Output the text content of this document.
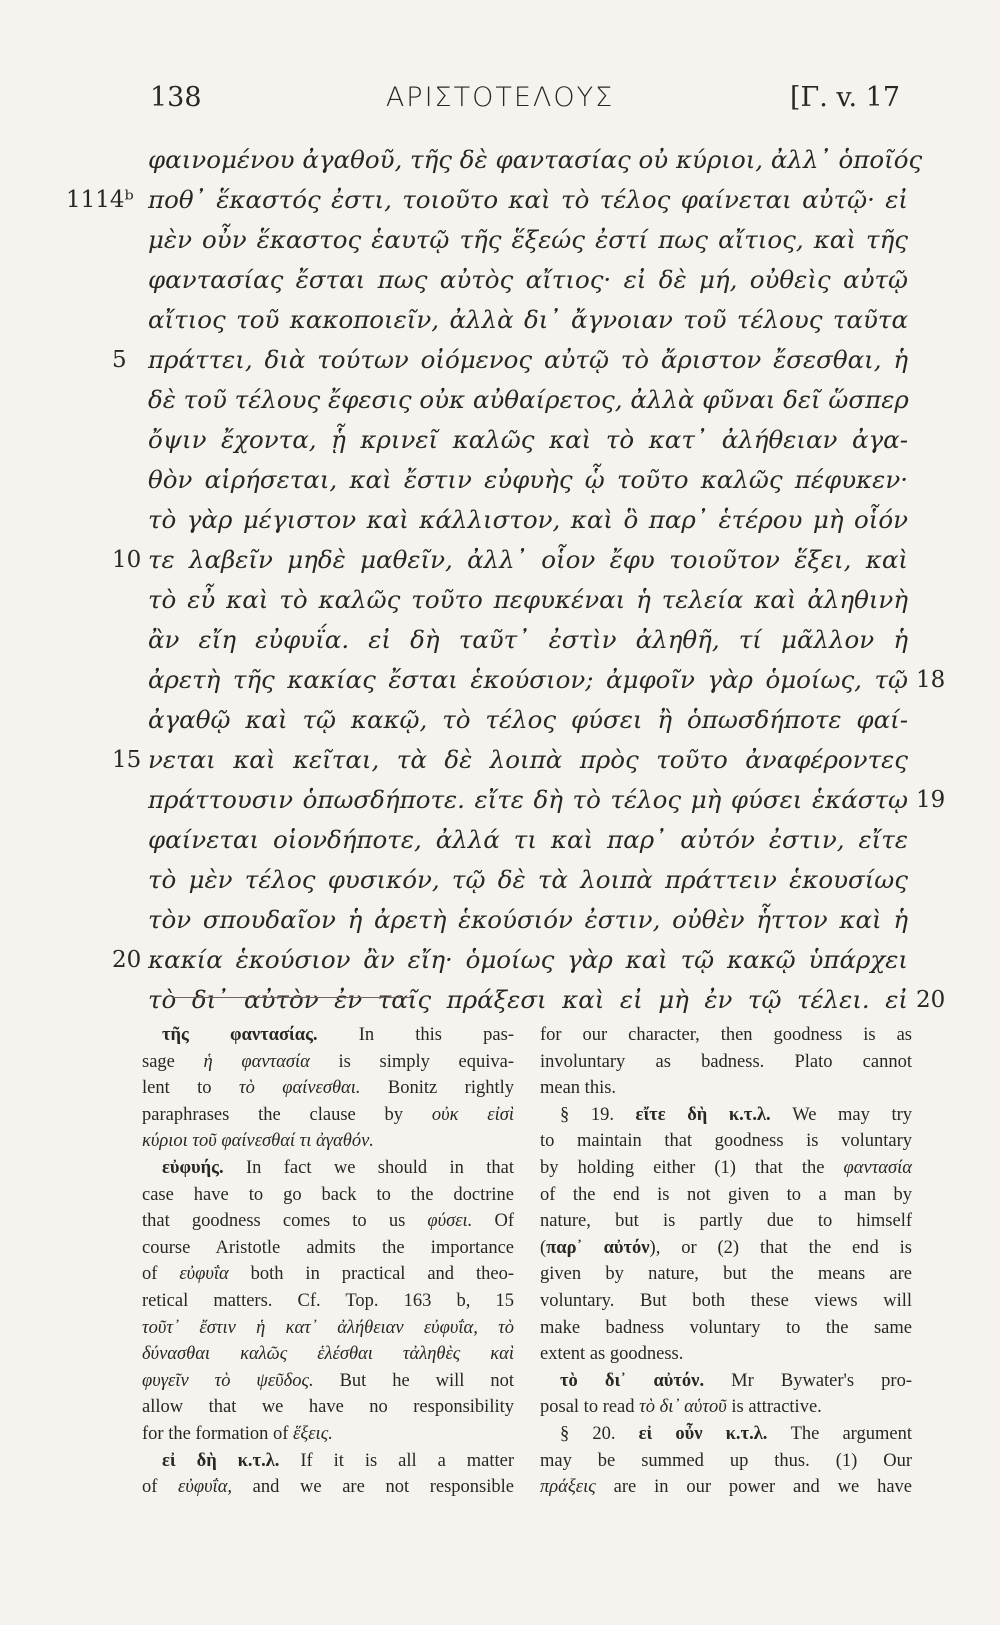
138	ΑΡΙΣΤΟΤΕΛΟΥΣ	[Γ. v. 17
φαινομένου ἀγαθοῦ, τῆς δὲ φαντασίας οὐ κύριοι, ἀλλ᾽ ὁποῖός
1114ᵇ ποθ᾽ ἕκαστός ἐστι, τοιοῦτο καὶ τὸ τέλος φαίνεται αὐτῷ· εἰ
μὲν οὖν ἕκαστος ἑαυτῷ τῆς ἕξεώς ἐστί πως αἴτιος, καὶ τῆς
φαντασίας ἔσται πως αὐτὸς αἴτιος· εἰ δὲ μή, οὐθεὶς αὐτῷ
αἴτιος τοῦ κακοποιεῖν, ἀλλὰ δι᾽ ἄγνοιαν τοῦ τέλους ταῦτα
5 πράττει, διὰ τούτων οἰόμενος αὐτῷ τὸ ἄριστον ἔσεσθαι, ἡ
δὲ τοῦ τέλους ἔφεσις οὐκ αὐθαίρετος, ἀλλὰ φῦναι δεῖ ὥσπερ
ὄψιν ἔχοντα, ᾗ κρινεῖ καλῶς καὶ τὸ κατ᾽ ἀλήθειαν ἀγα-
θὸν αἱρήσεται, καὶ ἔστιν εὐφυὴς ᾧ τοῦτο καλῶς πέφυκεν·
τὸ γὰρ μέγιστον καὶ κάλλιστον, καὶ ὃ παρ᾽ ἑτέρου μὴ οἷόν
10 τε λαβεῖν μηδὲ μαθεῖν, ἀλλ᾽ οἷον ἔφυ τοιοῦτον ἕξει, καὶ
τὸ εὖ καὶ τὸ καλῶς τοῦτο πεφυκέναι ἡ τελεία καὶ ἀληθινὴ
ἂν εἴη εὐφυΐα. εἰ δὴ ταῦτ᾽ ἐστὶν ἀληθῆ, τί μᾶλλον ἡ
ἀρετὴ τῆς κακίας ἔσται ἑκούσιον; ἀμφοῖν γὰρ ὁμοίως, τῷ 18
ἀγαθῷ καὶ τῷ κακῷ, τὸ τέλος φύσει ἢ ὁπωσδήποτε φαί-
15 νεται καὶ κεῖται, τὰ δὲ λοιπὰ πρὸς τοῦτο ἀναφέροντες
πράττουσιν ὁπωσδήποτε. εἴτε δὴ τὸ τέλος μὴ φύσει ἑκάστῳ 19
φαίνεται οἱονδήποτε, ἀλλά τι καὶ παρ᾽ αὐτόν ἐστιν, εἴτε
τὸ μὲν τέλος φυσικόν, τῷ δὲ τὰ λοιπὰ πράττειν ἑκουσίως
τὸν σπουδαῖον ἡ ἀρετὴ ἑκούσιόν ἐστιν, οὐθὲν ἧττον καὶ ἡ
20 κακία ἑκούσιον ἂν εἴη· ὁμοίως γὰρ καὶ τῷ κακῷ ὑπάρχει
τὸ δι᾽ αὐτὸν ἐν ταῖς πράξεσι καὶ εἰ μὴ ἐν τῷ τέλει. εἰ 20
τῆς φαντασίας. In this pas-
sage ἡ φαντασία is simply equiva-
lent to τὸ φαίνεσθαι. Bonitz rightly
paraphrases the clause by οὐκ εἰσὶ
κύριοι τοῦ φαίνεσθαί τι ἀγαθόν.
εὐφυής. In fact we should in that
case have to go back to the doctrine
that goodness comes to us φύσει. Of
course Aristotle admits the importance
of εὐφυΐα both in practical and theo-
retical matters. Cf. Top. 163 b, 15
τοῦτ᾽ ἔστιν ἡ κατ᾽ ἀλήθειαν εὐφυΐα, τὸ
δύνασθαι καλῶς ἑλέσθαι τἀληθὲς καὶ
φυγεῖν τὸ ψεῦδος. But he will not
allow that we have no responsibility
for the formation of ἕξεις.
εἰ δὴ κ.τ.λ. If it is all a matter
of εὐφυΐα, and we are not responsible
for our character, then goodness is as
involuntary as badness. Plato cannot
mean this.
§ 19. εἴτε δὴ κ.τ.λ. We may try
to maintain that goodness is voluntary
by holding either (1) that the φαντασία
of the end is not given to a man by
nature, but is partly due to himself
(παρ᾽ αὐτόν), or (2) that the end is
given by nature, but the means are
voluntary. But both these views will
make badness voluntary to the same
extent as goodness.
τὸ δι᾽ αὐτόν. Mr Bywater's pro-
posal to read τὸ δι᾽ αὑτοῦ is attractive.
§ 20. εἰ οὖν κ.τ.λ. The argument
may be summed up thus. (1) Our
πράξεις are in our power and we have
